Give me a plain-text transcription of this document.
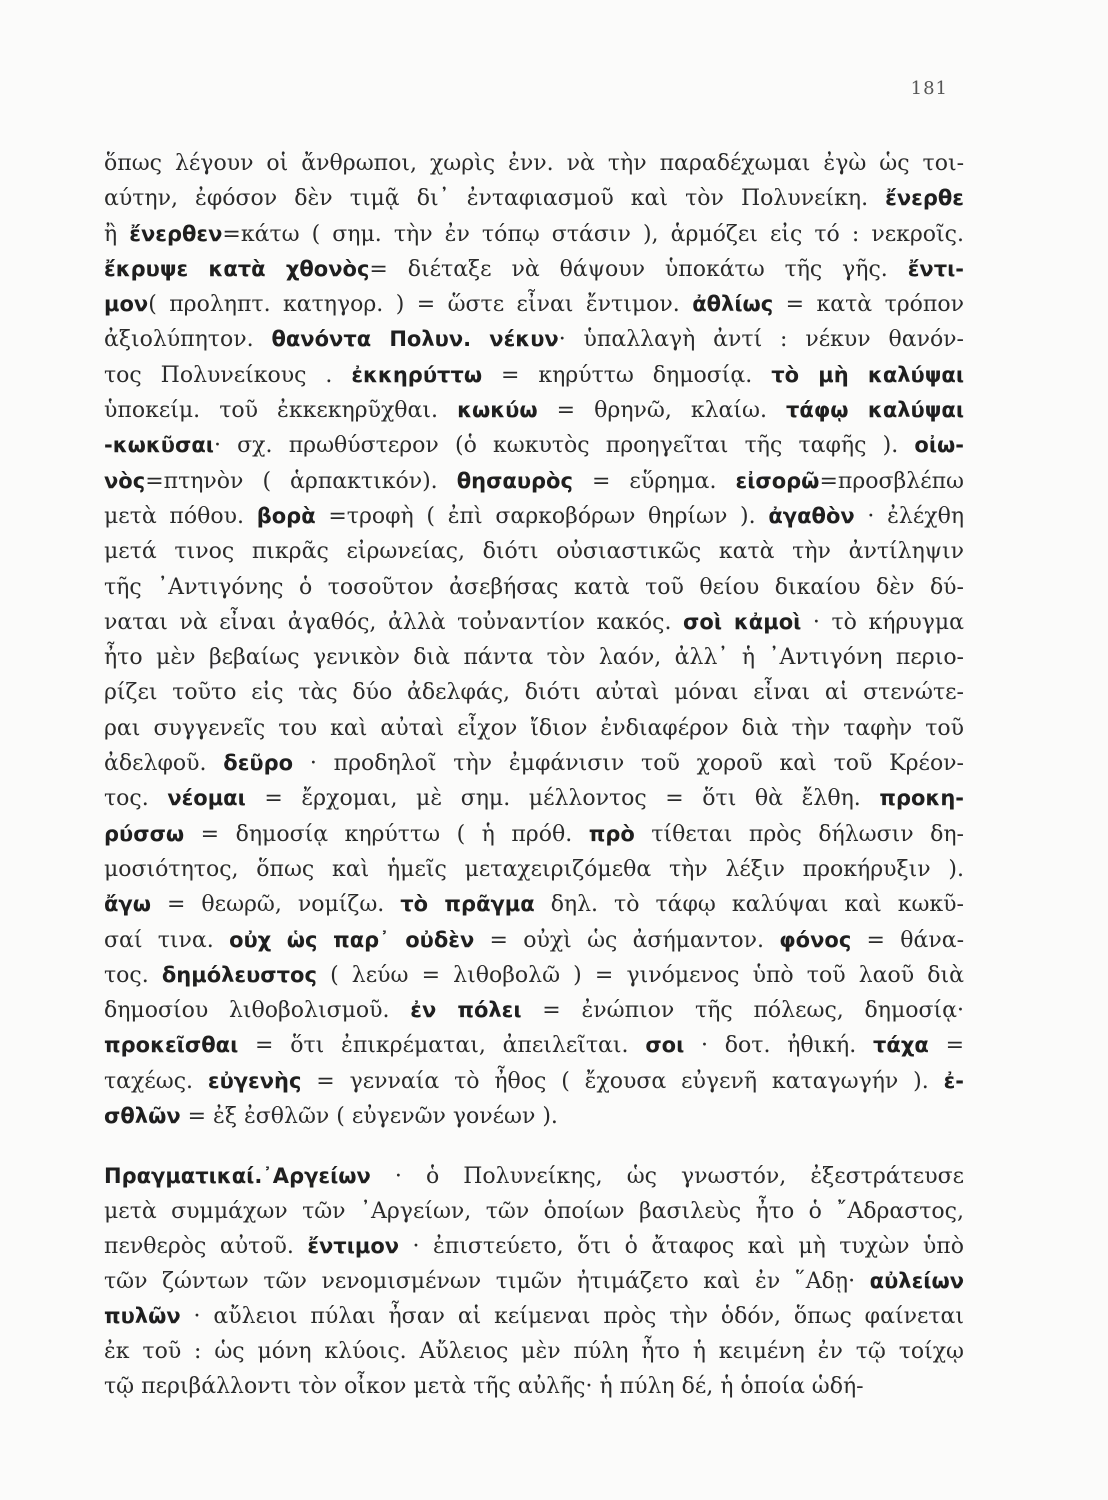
181
ὅπως λέγουν οἱ ἄνθρωποι, χωρὶς ἐνν. νὰ τὴν παραδέχωμαι ἐγὼ ὡς τοι-
αύτην, ἐφόσον δὲν τιμᾷ δι᾽ ἐνταφιασμοῦ καὶ τὸν Πολυνείκη. ἔνερθε
ἢ ἔνερθεν=κάτω ( σημ. τὴν ἐν τόπῳ στάσιν ), ἁρμόζει εἰς τό : νεκροῖς.
ἔκρυψε κατὰ χθονὸς= διέταξε νὰ θάψουν ὑποκάτω τῆς γῆς. ἔντι-
μον( προληπτ. κατηγορ. ) = ὥστε εἶναι ἔντιμον. ἀθλίως = κατὰ τρόπον
ἀξιολύπητον. θανόντα Πολυν. νέκυν· ὑπαλλαγὴ ἀντί : νέκυν θανόν-
τος Πολυνείκους . ἐκκηρύττω = κηρύττω δημοσίᾳ. τὸ μὴ καλύψαι
ὑποκείμ. τοῦ ἐκκεκηρῦχθαι. κωκύω = θρηνῶ, κλαίω. τάφῳ καλύψαι
-κωκῦσαι· σχ. πρωθύστερον (ὁ κωκυτὸς προηγεῖται τῆς ταφῆς ). οἰω-
νὸς=πτηνὸν ( ἁρπακτικόν). θησαυρὸς = εὕρημα. εἰσορῶ=προσβλέπω
μετὰ πόθου. βορὰ =τροφὴ ( ἐπὶ σαρκοβόρων θηρίων ). ἀγαθὸν · ἐλέχθη
μετά τινος πικρᾶς εἰρωνείας, διότι οὐσιαστικῶς κατὰ τὴν ἀντίληψιν
τῆς ᾿Αντιγόνης ὁ τοσοῦτον ἀσεβήσας κατὰ τοῦ θείου δικαίου δὲν δύ-
ναται νὰ εἶναι ἀγαθός, ἀλλὰ τοὐναντίον κακός. σοὶ κἀμοὶ · τὸ κήρυγμα
ἦτο μὲν βεβαίως γενικὸν διὰ πάντα τὸν λαόν, ἀλλ᾽ ἡ ᾿Αντιγόνη περιο-
ρίζει τοῦτο εἰς τὰς δύο ἀδελφάς, διότι αὐταὶ μόναι εἶναι αἱ στενώτε-
ραι συγγενεῖς του καὶ αὐταὶ εἶχον ἴδιον ἐνδιαφέρον διὰ τὴν ταφὴν τοῦ
ἀδελφοῦ. δεῦρο · προδηλοῖ τὴν ἐμφάνισιν τοῦ χοροῦ καὶ τοῦ Κρέον-
τος. νέομαι = ἔρχομαι, μὲ σημ. μέλλοντος = ὅτι θὰ ἔλθη. προκη-
ρύσσω = δημοσίᾳ κηρύττω ( ἡ πρόθ. πρὸ τίθεται πρὸς δήλωσιν δη-
μοσιότητος, ὅπως καὶ ἡμεῖς μεταχειριζόμεθα τὴν λέξιν προκήρυξιν ).
ἄγω = θεωρῶ, νομίζω. τὸ πρᾶγμα δηλ. τὸ τάφῳ καλύψαι καὶ κωκῦ-
σαί τινα. οὐχ ὡς παρ᾽ οὐδὲν = οὐχὶ ὡς ἀσήμαντον. φόνος = θάνα-
τος. δημόλευστος ( λεύω = λιθοβολῶ ) = γινόμενος ὑπὸ τοῦ λαοῦ διὰ
δημοσίου λιθοβολισμοῦ. ἐν πόλει = ἐνώπιον τῆς πόλεως, δημοσίᾳ·
προκεῖσθαι = ὅτι ἐπικρέμαται, ἀπειλεῖται. σοι · δοτ. ἠθική. τάχα =
ταχέως. εὐγενὴς = γενναία τὸ ἦθος ( ἔχουσα εὐγενῆ καταγωγήν ). ἐ-
σθλῶν = ἐξ ἐσθλῶν ( εὐγενῶν γονέων ).
Πραγματικαί.᾿Αργείων · ὁ Πολυνείκης, ὡς γνωστόν, ἐξεστράτευσε
μετὰ συμμάχων τῶν ᾿Αργείων, τῶν ὁποίων βασιλεὺς ἦτο ὁ ῎Αδραστος,
πενθερὸς αὐτοῦ. ἔντιμον · ἐπιστεύετο, ὅτι ὁ ἄταφος καὶ μὴ τυχὼν ὑπὸ
τῶν ζώντων τῶν νενομισμένων τιμῶν ἠτιμάζετο καὶ ἐν ῞Αδῃ· αὐλείων
πυλῶν · αὔλειοι πύλαι ἦσαν αἱ κείμεναι πρὸς τὴν ὁδόν, ὅπως φαίνεται
ἐκ τοῦ : ὡς μόνη κλύοις. Αὔλειος μὲν πύλη ἦτο ἡ κειμένη ἐν τῷ τοίχῳ
τῷ περιβάλλοντι τὸν οἶκον μετὰ τῆς αὐλῆς· ἡ πύλη δέ, ἡ ὁποία ὡδή-
